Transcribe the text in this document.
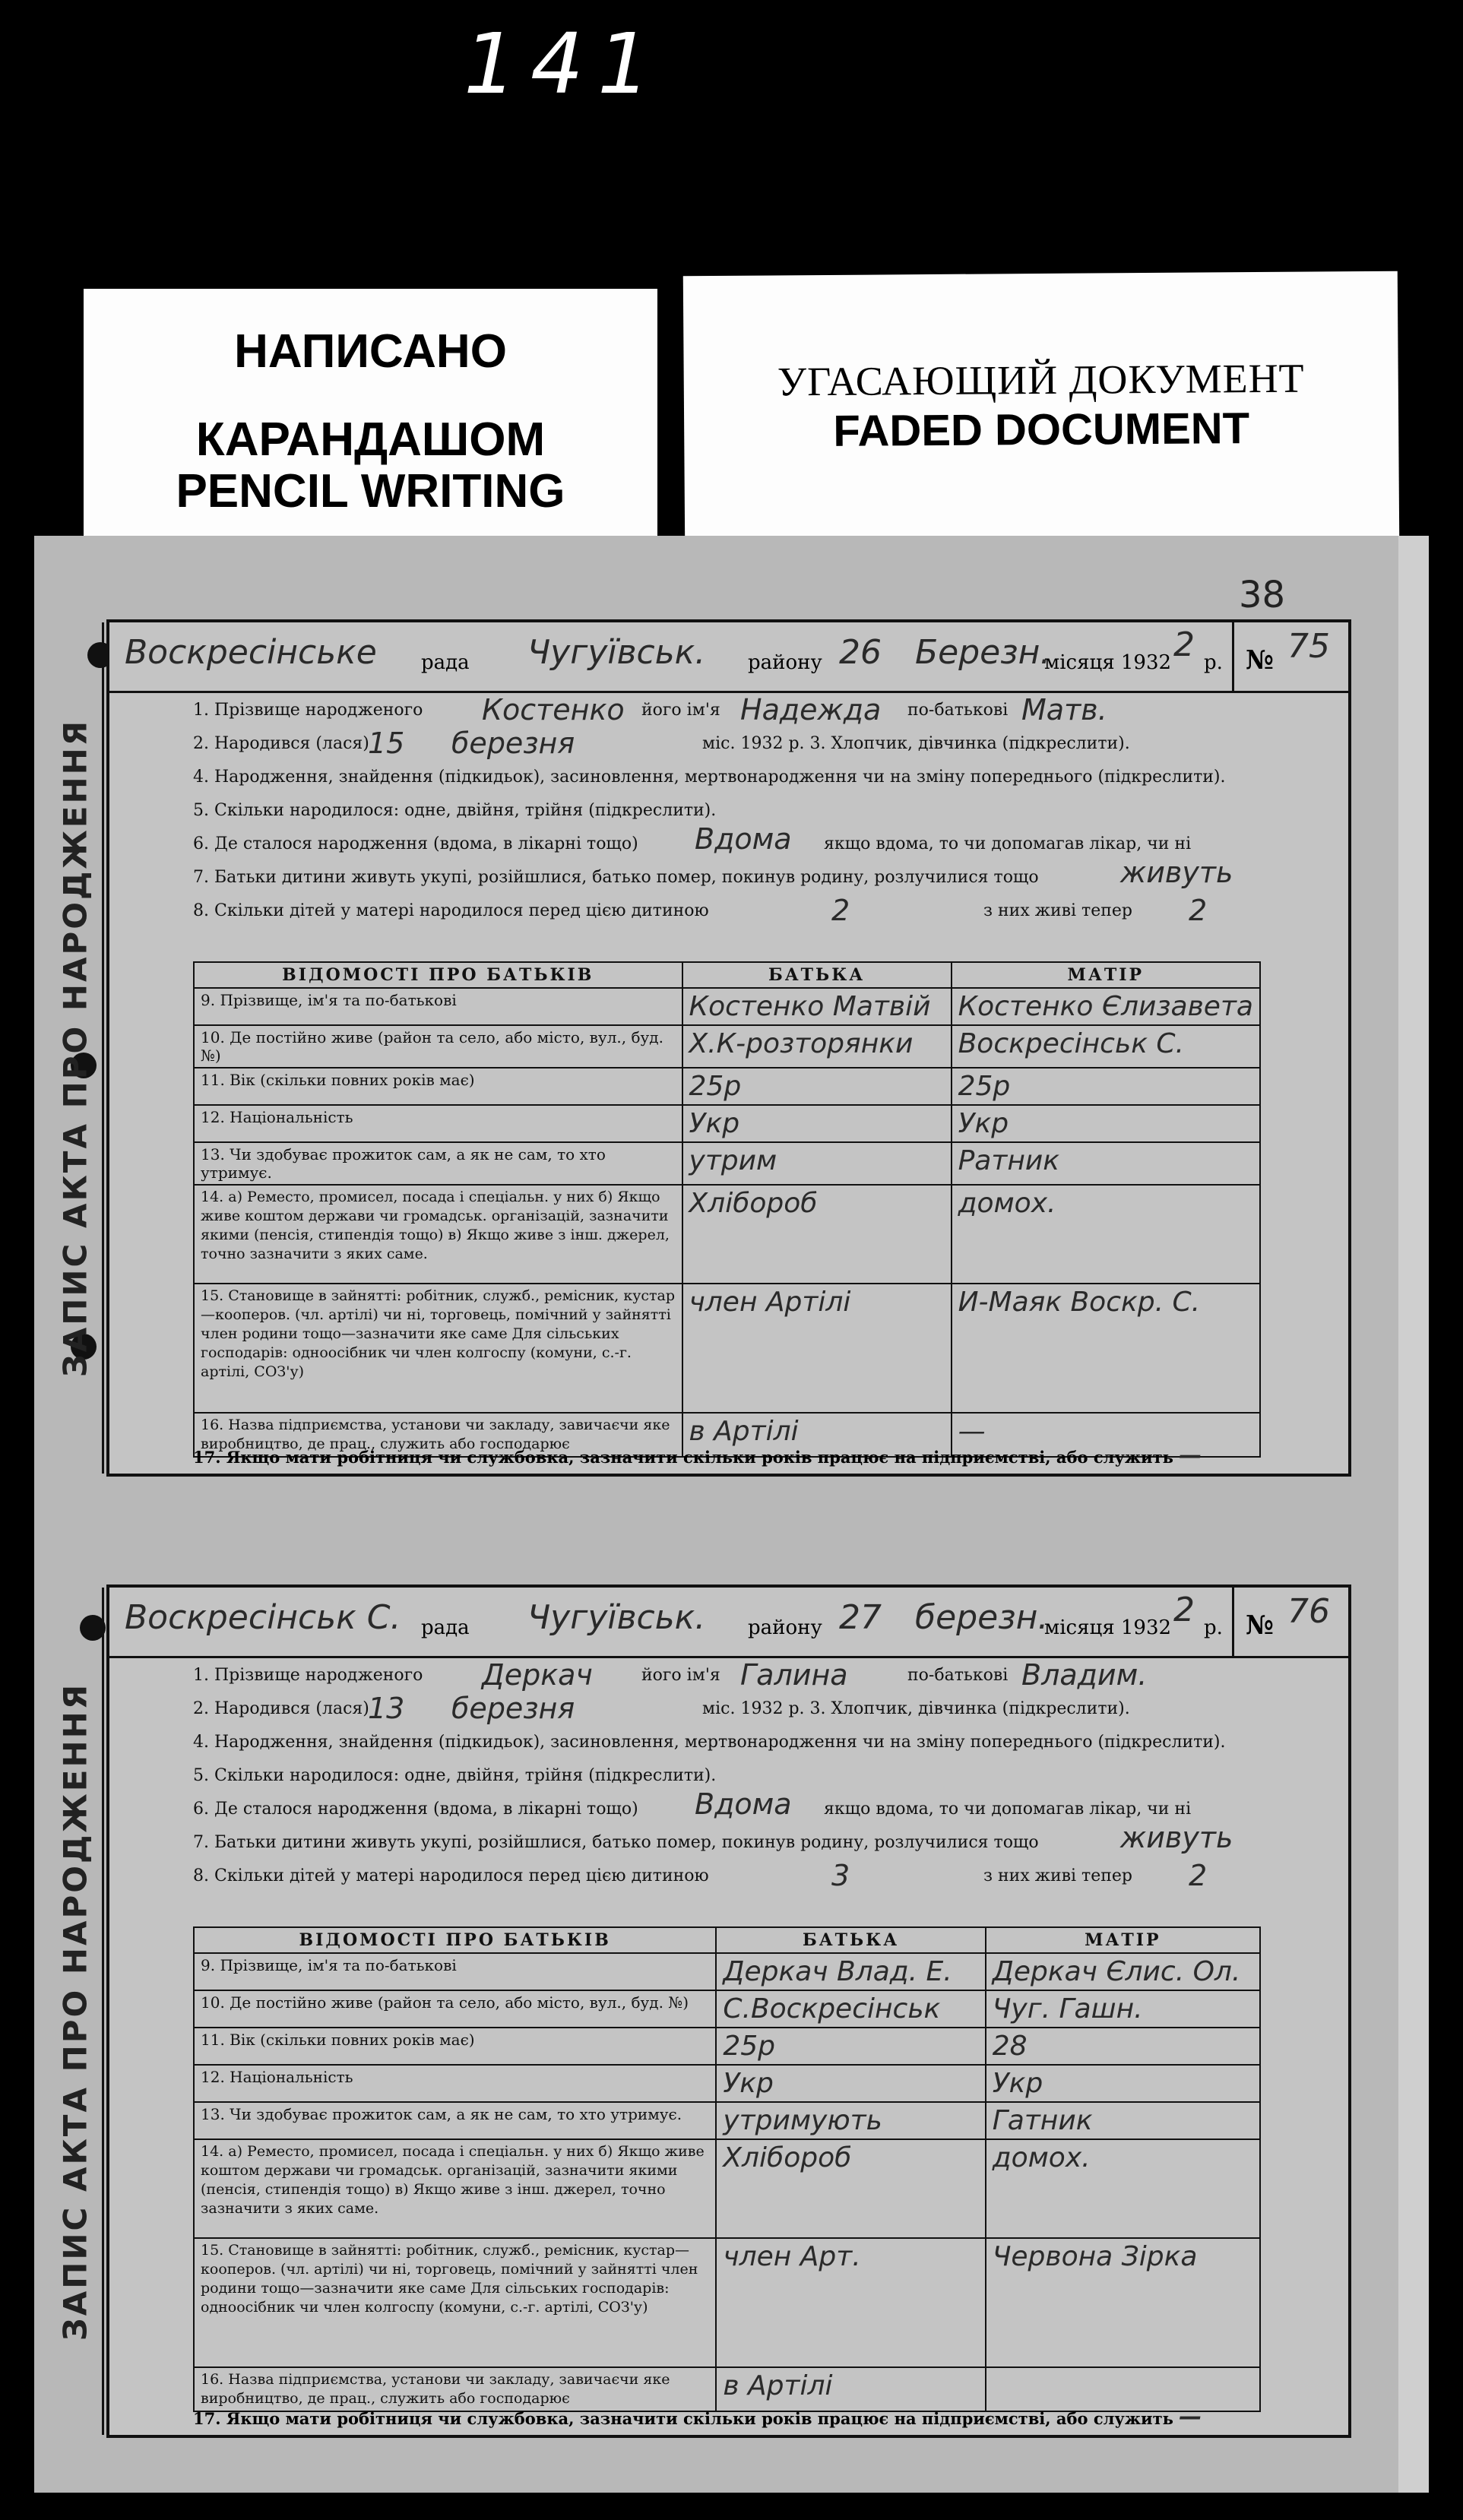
141
НАПИСАНО
КАРАНДАШОМ
PENCIL WRITING
УГАСАЮЩИЙ ДОКУМЕНТ
FADED DOCUMENT
38
ЗАПИС АКТА ПРО НАРОДЖЕННЯ
Воскресінське рада Чугуївськ. району 26 Березн.
місяця 1932 2 р. № 75
1. Прізвище народженого Костенко його ім'я Надежда по-батькові Матв.
2. Народився (лася)
15 березня	міс. 1932 р. 3. Хлопчик, дівчинка (підкреслити).
4. Народження, знайдення (підкидьок), засиновлення, мертвонародження чи на зміну попереднього (підкреслити).
5. Скільки народилося: одне, двійня, трійня (підкреслити).
6. Де сталося народження (вдома, в лікарні тощо) Вдома якщо вдома, то чи допомагав лікар, чи ні
7. Батьки дитини живуть укупі, розійшлися, батько помер, покинув родину, розлучилися тощо	живуть
8. Скільки дітей у матері народилося перед цією дитиною	2	з них живі тепер 2
ВІДОМОСТІ ПРО БАТЬКІВ	БАТЬКА	МАТІР
9. Прізвище, ім'я та по-батькові	Костенко Матвій	Костенко Єлизавета
10. Де постійно живе (район та село, або місто, вул., буд. №)	Х.К-розторянки	Воскресінськ С.
11. Вік (скільки повних років має)	25р	25р
12. Національність	Укр	Укр
13. Чи здобуває прожиток сам, а як не сам, то хто утримує.	утрим	Ратник
14. а) Реместо, промисел, посада і спеціальн. у них б) Якщо живе коштом держави чи громадськ. організацій, зазначити якими (пенсія, стипендія тощо) в) Якщо живе з інш. джерел, точно зазначити з яких саме.	Хлібороб	домох.
15. Становище в зайнятті: робітник, служб., ремісник, кустар—кооперов. (чл. артілі) чи ні, торговець, помічний у зайнятті член родини тощо—зазначити яке саме Для сільських господарів: одноосібник чи член колгоспу (комуни, с.-г. артілі, СОЗ'у)	член Артілі	И-Маяк Воскр. С.
16. Назва підприємства, установи чи закладу, завичаєчи яке виробництво, де прац., служить або господарює	в Артілі	—
17. Якщо мати робітниця чи службовка, зазначити скільки років працює на підприємстві, або служить —
ЗАПИС АКТА ПРО НАРОДЖЕННЯ
Воскресінськ С. рада Чугуївськ. району 27 березн.
місяця 1932 2 р. № 76
1. Прізвище народженого Деркач	його ім'я Галина	по-батькові Владим.
2. Народився (лася)
13 березня	міс. 1932 р. 3. Хлопчик, дівчинка (підкреслити).
4. Народження, знайдення (підкидьок), засиновлення, мертвонародження чи на зміну попереднього (підкреслити).
5. Скільки народилося: одне, двійня, трійня (підкреслити).
6. Де сталося народження (вдома, в лікарні тощо) Вдома якщо вдома, то чи допомагав лікар, чи ні
7. Батьки дитини живуть укупі, розійшлися, батько помер, покинув родину, розлучилися тощо	живуть
8. Скільки дітей у матері народилося перед цією дитиною	3	з них живі тепер 2
ВІДОМОСТІ ПРО БАТЬКІВ	БАТЬКА	МАТІР
9. Прізвище, ім'я та по-батькові	Деркач Влад. Е.	Деркач Єлис. Ол.
10. Де постійно живе (район та село, або місто, вул., буд. №)	С.Воскресінськ	Чуг. Гашн.
11. Вік (скільки повних років має)	25р	28
12. Національність	Укр	Укр
13. Чи здобуває прожиток сам, а як не сам, то хто утримує.	утримують	Гатник
14. а) Реместо, промисел, посада і спеціальн. у них б) Якщо живе коштом держави чи громадськ. організацій, зазначити якими (пенсія, стипендія тощо) в) Якщо живе з інш. джерел, точно зазначити з яких саме.	Хлібороб	домох.
15. Становище в зайнятті: робітник, служб., ремісник, кустар—кооперов. (чл. артілі) чи ні, торговець, помічний у зайнятті член родини тощо—зазначити яке саме Для сільських господарів: одноосібник чи член колгоспу (комуни, с.-г. артілі, СОЗ'у)	член Арт.	Червона Зірка
16. Назва підприємства, установи чи закладу, завичаєчи яке виробництво, де прац., служить або господарює	в Артілі	
17. Якщо мати робітниця чи службовка, зазначити скільки років працює на підприємстві, або служить —
